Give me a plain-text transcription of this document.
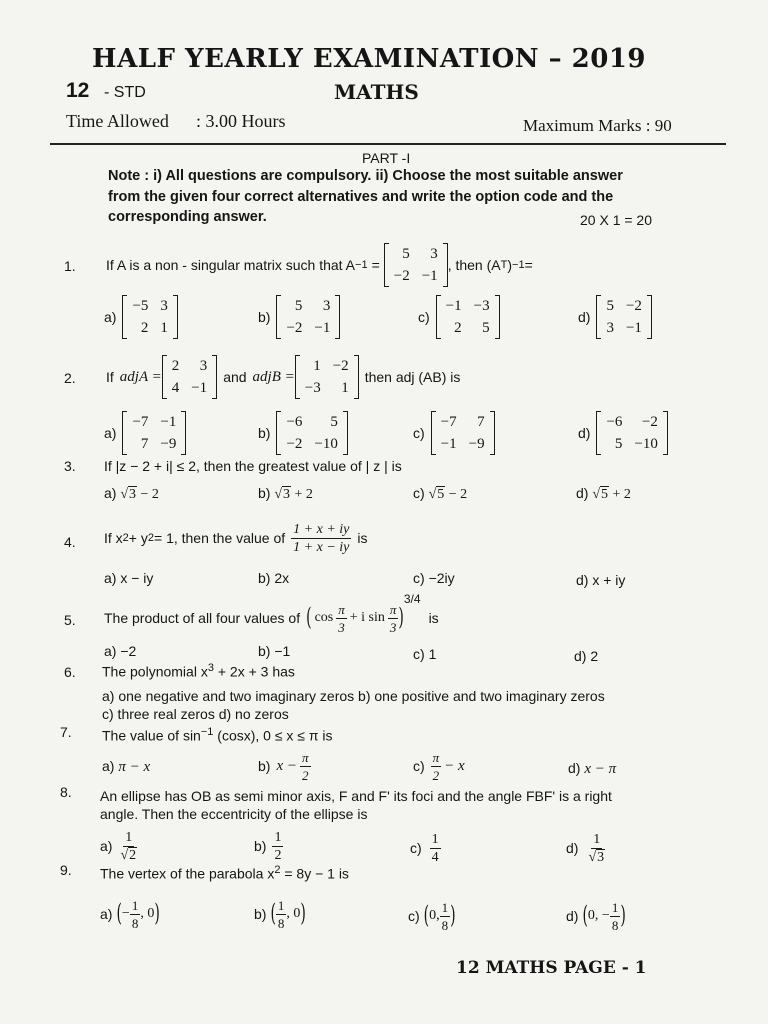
HALF YEARLY EXAMINATION – 2019
12 - STD	MATHS
Time Allowed : 3.00 Hours	Maximum Marks : 90
PART -I
Note : i) All questions are compulsory. ii) Choose the most suitable answer
from the given four correct alternatives and write the option code and the
corresponding answer.	20 X 1 = 20
1. If A is a non - singular matrix such that A −1 =
5	3
−2 −1
, then (A T ) −1 =
a)
−5 3
2 1
b)
5	3
−2 −1
c)
−1 −3
2	5
d)
5 −2
3 −1
2. If adjA =
2	3
4 −1
and adjB =
1 −2
−3	1
then adj (AB) is
a)
−7 −1
7 −9
b)
−6	5
−2 −10
c)
−7	7
−1 −9
d)
−6	−2
5 −10
3. If |z − 2 + i| ≤ 2, then the greatest value of | z | is
a) √3 − 2	b) √3 + 2	c) √5 − 2	d) √5 + 2
4. If x 2 + y 2 = 1, then the value of
1 + x + iy
1 + x − iy
is
a) x − iy	b) 2x	c) −2iy	d) x + iy
5. The product of all four values of ( cos
π
3
+ i sin
π
3 )
3/4
is
a) −2	b) −1	c) 1	d) 2
6. The polynomial $x^3 + 2x + 3$ has
a) one negative and two imaginary zeros b) one positive and two imaginary zeros
c) three real zeros d) no zeros
7. The value of $\sin^{-1} (\cos x)$, 0 ≤ x ≤ π is
a) π − x	b) $x - \frac{\pi}{2}$	c)
π
2
− x	d) x − π
8. An ellipse has OB as semi minor axis, F and F' its foci and the angle FBF' is a right
angle. Then the eccentricity of the ellipse is
a)
1
√2
b)
1
2	c)
1
4
d)
1
√3
9. The vertex of the parabola $x^2 = 8y - 1$ is
a) ( − $\frac{1}{8}$ , 0 )	b) ( 1
8
, 0 )	c) ( 0,
1
8 )	d) ( 0, − $\frac{1}{8}$ )
12 MATHS PAGE - 1
